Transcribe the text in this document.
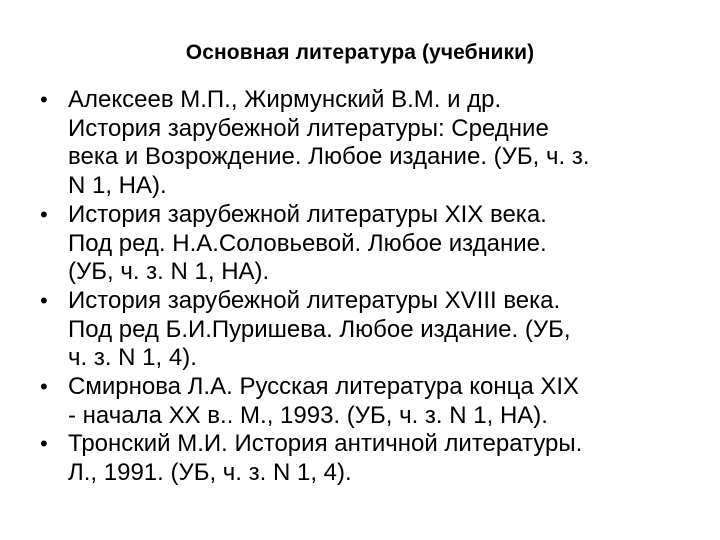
Основная литература (учебники)
• Алексеев М.П., Жирмунский В.М. и др.
История зарубежной литературы: Средние
века и Возрождение. Любое издание. (УБ, ч. з.
N 1, НА).
• История зарубежной литературы XIX века.
Под ред. Н.А.Соловьевой. Любое издание.
(УБ, ч. з. N 1, НА).
• История зарубежной литературы XVIII века.
Под ред Б.И.Пуришева. Любое издание. (УБ,
ч. з. N 1, 4).
• Смирнова Л.А. Русская литература конца XIX
- начала XX в.. М., 1993. (УБ, ч. з. N 1, НА).
• Тронский М.И. История античной литературы.
Л., 1991. (УБ, ч. з. N 1, 4).
